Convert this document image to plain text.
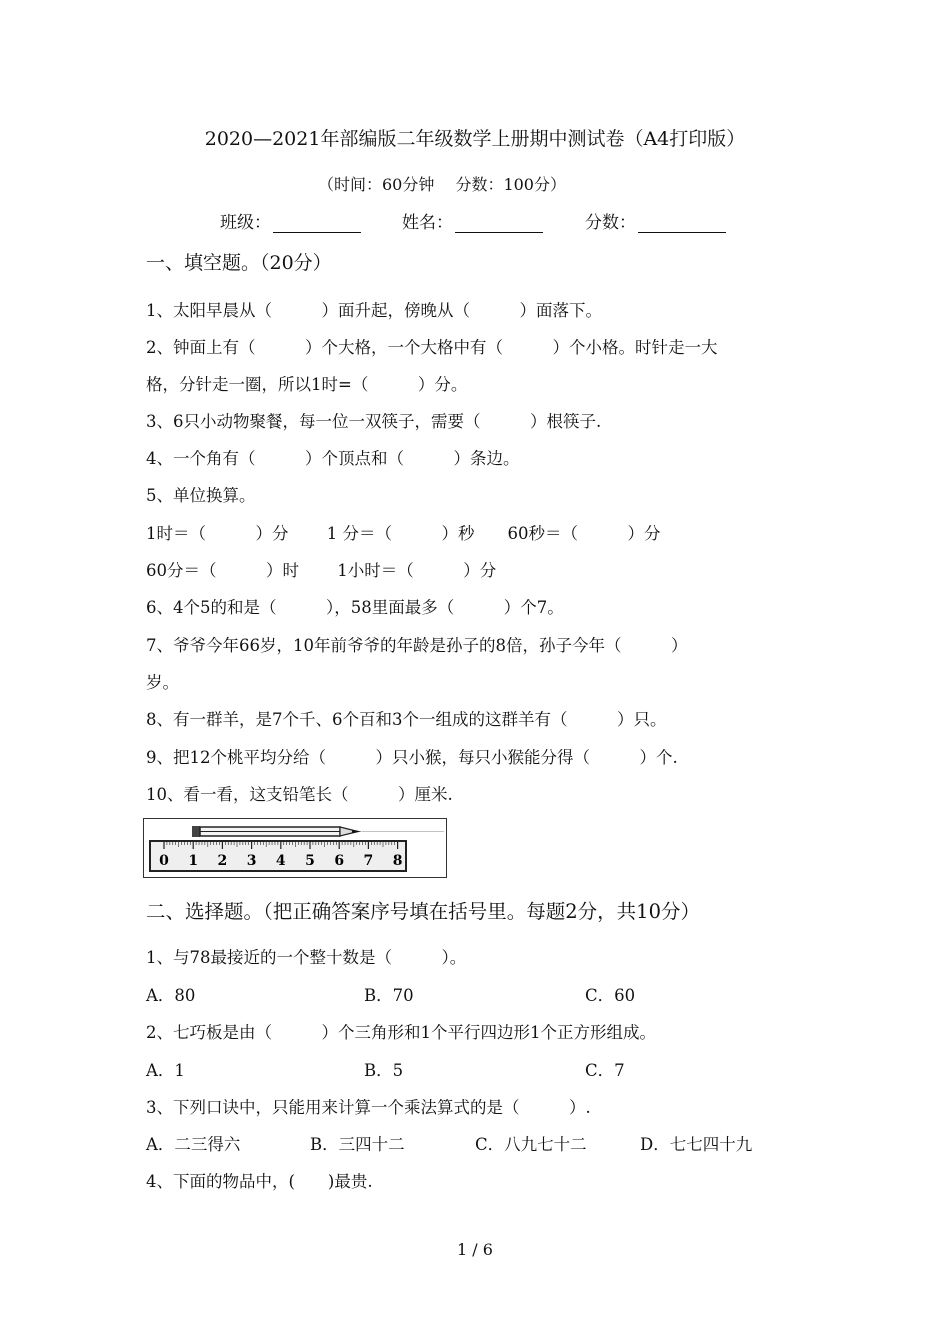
2020—2021年部编版二年级数学上册期中测试卷（A4打印版）
（时间：60分钟　 分数：100分）
班级：	姓名：	分数：
一、填空题。（20分）
1、太阳早晨从（　　　）面升起，傍晚从（　　　）面落下。
2、钟面上有（　　　）个大格，一个大格中有（　　　）个小格。时针走一大
格，分针走一圈，所以1时=（　　　）分。
3、6只小动物聚餐，每一位一双筷子，需要（　　　）根筷子.
4、一个角有（　　　）个顶点和（　　　）条边。
5、单位换算。
1时＝（　　　）分　　 1 分＝（　　　）秒　　60秒＝（　　　）分
60分＝（　　　）时　　 1小时＝（　　　）分
6、4个5的和是（　　　），58里面最多（　　　）个7。
7、爷爷今年66岁，10年前爷爷的年龄是孙子的8倍，孙子今年（　　　）
岁。
8、有一群羊，是7个千、6个百和3个一组成的这群羊有（　　　）只。
9、把12个桃平均分给（　　　）只小猴，每只小猴能分得（　　　）个.
10、看一看，这支铅笔长（　　　）厘米.
0 1 2 3 4 5 6 7 8
二、选择题。（把正确答案序号填在括号里。每题2分，共10分）
1、与78最接近的一个整十数是（　　　）。
A．80	B．70	C．60
2、七巧板是由（　　　）个三角形和1个平行四边形1个正方形组成。
A．1	B．5	C．7
3、下列口诀中，只能用来计算一个乘法算式的是（　　　）.
A．二三得六	B．三四十二	C．八九七十二	D．七七四十九
4、下面的物品中，(　　)最贵.
1 / 6
